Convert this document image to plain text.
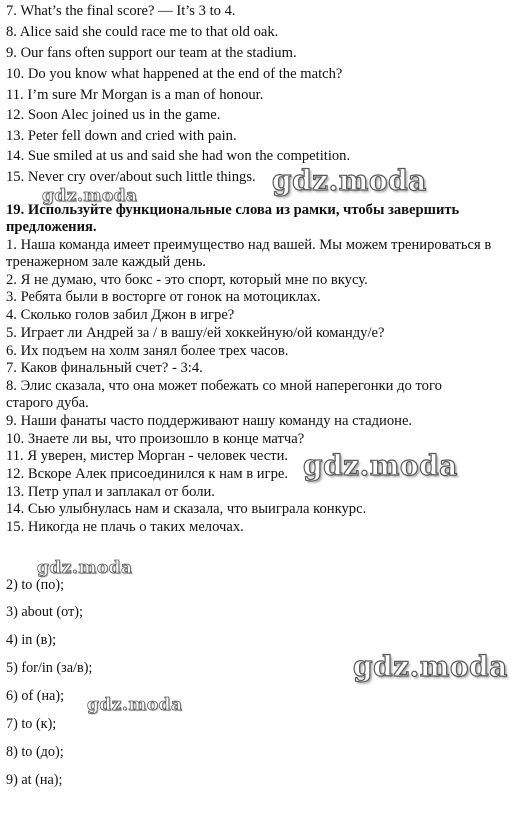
7. What’s the final score? — It’s 3 to 4.
8. Alice said she could race me to that old oak.
9. Our fans often support our team at the stadium.
10. Do you know what happened at the end of the match?
11. I’m sure Mr Morgan is a man of honour.
12. Soon Alec joined us in the game.
13. Peter fell down and cried with pain.
14. Sue smiled at us and said she had won the competition.
15. Never cry over/about such little things.
19. Используйте функциональные слова из рамки, чтобы завершить
предложения.
1. Наша команда имеет преимущество над вашей. Мы можем тренироваться в
тренажерном зале каждый день.
2. Я не думаю, что бокс - это спорт, который мне по вкусу.
3. Ребята были в восторге от гонок на мотоциклах.
4. Сколько голов забил Джон в игре?
5. Играет ли Андрей за / в вашу/ей хоккейную/ой команду/е?
6. Их подъем на холм занял более трех часов.
7. Каков финальный счет? - 3:4.
8. Элис сказала, что она может побежать со мной наперегонки до того
старого дуба.
9. Наши фанаты часто поддерживают нашу команду на стадионе.
10. Знаете ли вы, что произошло в конце матча?
11. Я уверен, мистер Морган - человек чести.
12. Вскоре Алек присоединился к нам в игре.
13. Петр упал и заплакал от боли.
14. Сью улыбнулась нам и сказала, что выиграла конкурс.
15. Никогда не плачь о таких мелочах.
2) to (по);
3) about (от);
4) in (в);
5) for/in (за/в);
6) of (на);
7) to (к);
8) to (до);
9) at (на);
gdz.moda
gdz.moda
gdz.moda
gdz.moda
gdz.moda
gdz.moda
